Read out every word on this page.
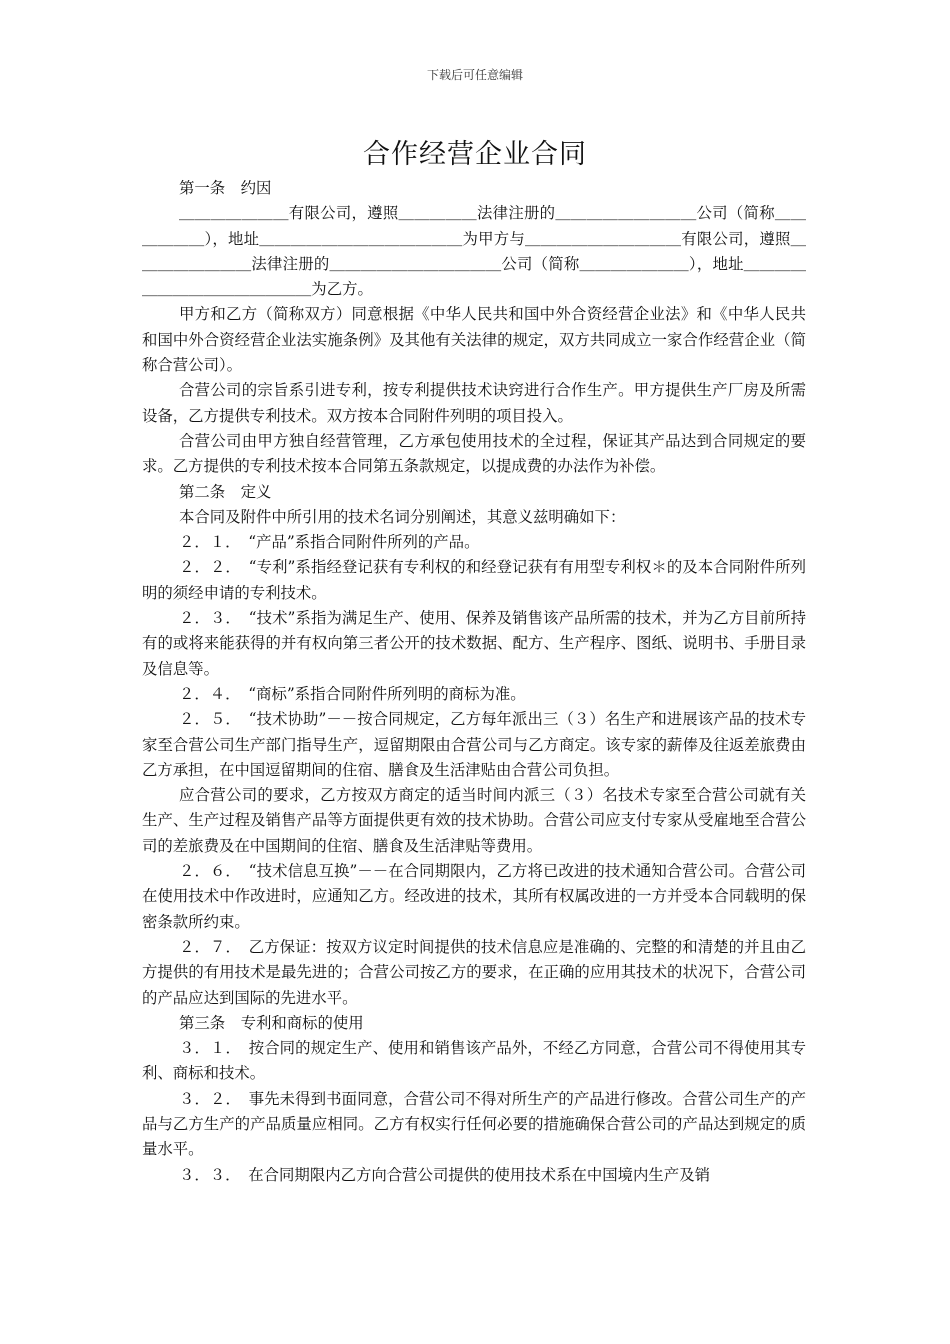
下载后可任意编辑
合作经营企业合同

第一条　约因

＿＿＿＿＿＿＿有限公司，遵照＿＿＿＿＿法律注册的＿＿＿＿＿＿＿＿＿公司（简称＿＿＿＿＿＿），地址＿＿＿＿＿＿＿＿＿＿＿＿＿为甲方与＿＿＿＿＿＿＿＿＿＿有限公司，遵照＿＿＿＿＿＿＿＿法律注册的＿＿＿＿＿＿＿＿＿＿＿公司（简称＿＿＿＿＿＿＿），地址＿＿＿＿＿＿＿＿＿＿＿＿＿＿＿为乙方。

甲方和乙方（简称双方）同意根据《中华人民共和国中外合资经营企业法》和《中华人民共和国中外合资经营企业法实施条例》及其他有关法律的规定，双方共同成立一家合作经营企业（简称合营公司）。

合营公司的宗旨系引进专利，按专利提供技术诀窍进行合作生产。甲方提供生产厂房及所需设备，乙方提供专利技术。双方按本合同附件列明的项目投入。

合营公司由甲方独自经营管理，乙方承包使用技术的全过程，保证其产品达到合同规定的要求。乙方提供的专利技术按本合同第五条款规定，以提成费的办法作为补偿。

第二条　定义

本合同及附件中所引用的技术名词分别阐述，其意义兹明确如下：

２．１．　“产品”系指合同附件所列的产品。

２．２．　“专利”系指经登记获有专利权的和经登记获有有用型专利权＊的及本合同附件所列明的须经申请的专利技术。

２．３．　“技术”系指为满足生产、使用、保养及销售该产品所需的技术，并为乙方目前所持有的或将来能获得的并有权向第三者公开的技术数据、配方、生产程序、图纸、说明书、手册目录及信息等。

２．４．　“商标”系指合同附件所列明的商标为准。

２．５．　“技术协助”－－按合同规定，乙方每年派出三（３）名生产和进展该产品的技术专家至合营公司生产部门指导生产，逗留期限由合营公司与乙方商定。该专家的薪俸及往返差旅费由乙方承担，在中国逗留期间的住宿、膳食及生活津贴由合营公司负担。

应合营公司的要求，乙方按双方商定的适当时间内派三（３）名技术专家至合营公司就有关生产、生产过程及销售产品等方面提供更有效的技术协助。合营公司应支付专家从受雇地至合营公司的差旅费及在中国期间的住宿、膳食及生活津贴等费用。

２．６．　“技术信息互换”－－在合同期限内，乙方将已改进的技术通知合营公司。合营公司在使用技术中作改进时，应通知乙方。经改进的技术，其所有权属改进的一方并受本合同载明的保密条款所约束。

２．７．　乙方保证：按双方议定时间提供的技术信息应是准确的、完整的和清楚的并且由乙方提供的有用技术是最先进的；合营公司按乙方的要求，在正确的应用其技术的状况下，合营公司的产品应达到国际的先进水平。

第三条　专利和商标的使用

３．１．　按合同的规定生产、使用和销售该产品外，不经乙方同意，合营公司不得使用其专利、商标和技术。

３．２．　事先未得到书面同意，合营公司不得对所生产的产品进行修改。合营公司生产的产品与乙方生产的产品质量应相同。乙方有权实行任何必要的措施确保合营公司的产品达到规定的质量水平。

３．３．　在合同期限内乙方向合营公司提供的使用技术系在中国境内生产及销
